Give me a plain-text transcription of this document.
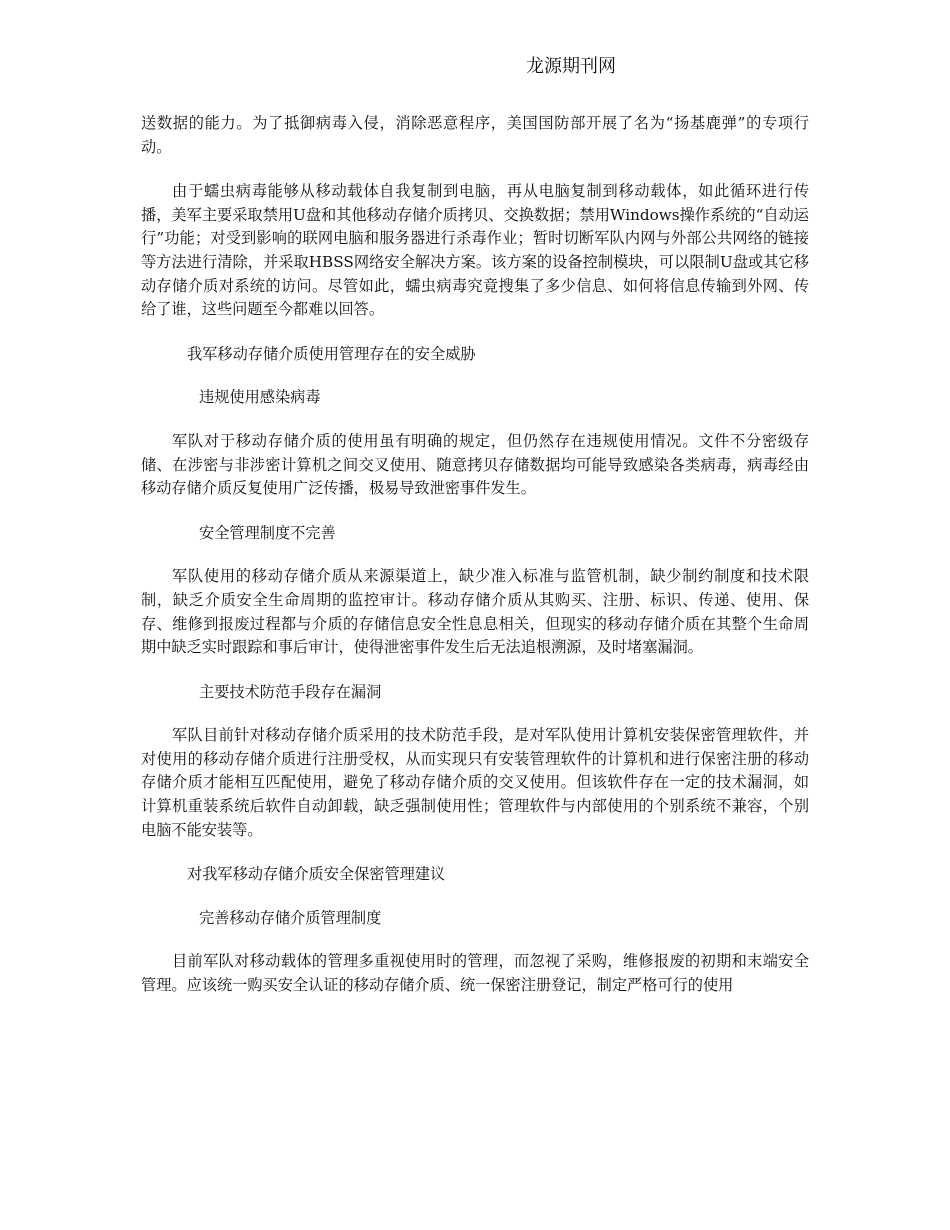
龙源期刊网

送数据的能力。为了抵御病毒入侵，消除恶意程序，美国国防部开展了名为“扬基鹿弹”的专项行动。

由于蠕虫病毒能够从移动载体自我复制到电脑，再从电脑复制到移动载体，如此循环进行传播，美军主要采取禁用U盘和其他移动存储介质拷贝、交换数据；禁用Windows操作系统的“自动运行”功能；对受到影响的联网电脑和服务器进行杀毒作业；暂时切断军队内网与外部公共网络的链接等方法进行清除，并采取HBSS网络安全解决方案。该方案的设备控制模块，可以限制U盘或其它移动存储介质对系统的访问。尽管如此，蠕虫病毒究竟搜集了多少信息、如何将信息传输到外网、传给了谁，这些问题至今都难以回答。

我军移动存储介质使用管理存在的安全威胁

违规使用感染病毒

军队对于移动存储介质的使用虽有明确的规定，但仍然存在违规使用情况。文件不分密级存储、在涉密与非涉密计算机之间交叉使用、随意拷贝存储数据均可能导致感染各类病毒，病毒经由移动存储介质反复使用广泛传播，极易导致泄密事件发生。

安全管理制度不完善

军队使用的移动存储介质从来源渠道上，缺少准入标准与监管机制，缺少制约制度和技术限制，缺乏介质安全生命周期的监控审计。移动存储介质从其购买、注册、标识、传递、使用、保存、维修到报废过程都与介质的存储信息安全性息息相关，但现实的移动存储介质在其整个生命周期中缺乏实时跟踪和事后审计，使得泄密事件发生后无法追根溯源，及时堵塞漏洞。

主要技术防范手段存在漏洞

军队目前针对移动存储介质采用的技术防范手段，是对军队使用计算机安装保密管理软件，并对使用的移动存储介质进行注册受权，从而实现只有安装管理软件的计算机和进行保密注册的移动存储介质才能相互匹配使用，避免了移动存储介质的交叉使用。但该软件存在一定的技术漏洞，如计算机重装系统后软件自动卸载，缺乏强制使用性；管理软件与内部使用的个别系统不兼容，个别电脑不能安装等。

对我军移动存储介质安全保密管理建议

完善移动存储介质管理制度

目前军队对移动载体的管理多重视使用时的管理，而忽视了采购，维修报废的初期和末端安全管理。应该统一购买安全认证的移动存储介质、统一保密注册登记，制定严格可行的使用
